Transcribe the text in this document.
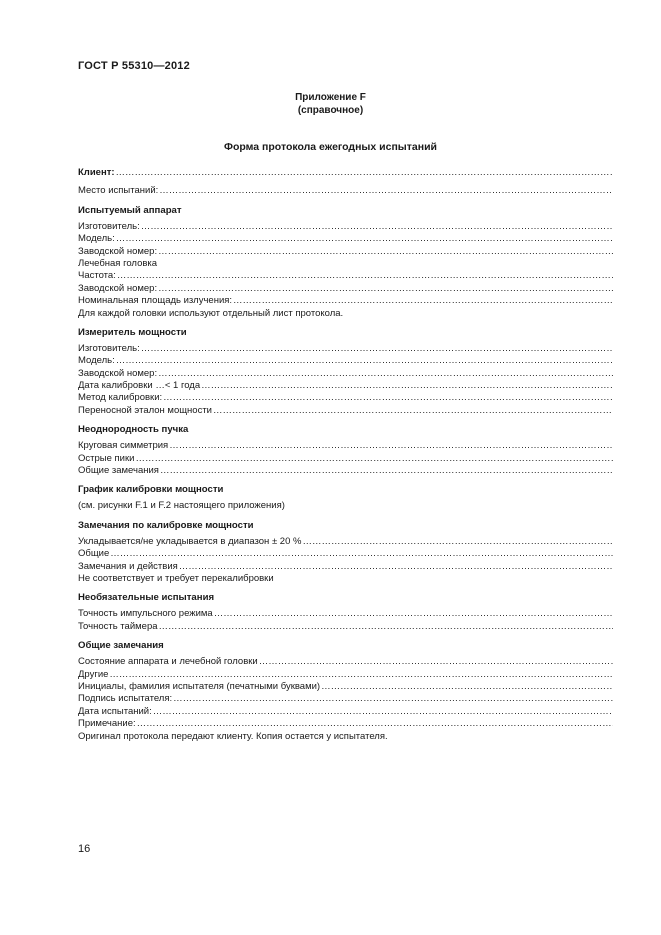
ГОСТ Р 55310—2012
Приложение F
(справочное)
Форма протокола ежегодных испытаний
Клиент:
……………………………………………………………………………………………………………………………………………………………………………………
Место испытаний:
……………………………………………………………………………………………………………………………………………………………………………………
Испытуемый аппарат
Изготовитель:
……………………………………………………………………………………………………………………………………………………………………………………
Модель:
……………………………………………………………………………………………………………………………………………………………………………………
Заводской номер:
……………………………………………………………………………………………………………………………………………………………………………………
Лечебная головка
Частота:
……………………………………………………………………………………………………………………………………………………………………………………
Заводской номер:
……………………………………………………………………………………………………………………………………………………………………………………
Номинальная площадь излучения:
……………………………………………………………………………………………………………………………………………………………………………………
Для каждой головки используют отдельный лист протокола.
Измеритель мощности
Изготовитель:
……………………………………………………………………………………………………………………………………………………………………………………
Модель:
……………………………………………………………………………………………………………………………………………………………………………………
Заводской номер:
……………………………………………………………………………………………………………………………………………………………………………………
Дата калибровки …< 1 года
……………………………………………………………………………………………………………………………………………………………………………………
Метод калибровки:
……………………………………………………………………………………………………………………………………………………………………………………
Переносной эталон мощности
……………………………………………………………………………………………………………………………………………………………………………………
Неоднородность пучка
Круговая симметрия
……………………………………………………………………………………………………………………………………………………………………………………
Острые пики
……………………………………………………………………………………………………………………………………………………………………………………
Общие замечания
……………………………………………………………………………………………………………………………………………………………………………………
График калибровки мощности
(см. рисунки F.1 и F.2 настоящего приложения)
Замечания по калибровке мощности
Укладывается/не укладывается в диапазон ± 20 %
……………………………………………………………………………………………………………………………………………………………………………………
Общие
……………………………………………………………………………………………………………………………………………………………………………………
Замечания и действия
……………………………………………………………………………………………………………………………………………………………………………………
Не соответствует и требует перекалибровки
Необязательные испытания
Точность импульсного режима
……………………………………………………………………………………………………………………………………………………………………………………
Точность таймера
……………………………………………………………………………………………………………………………………………………………………………………
Общие замечания
Состояние аппарата и лечебной головки
……………………………………………………………………………………………………………………………………………………………………………………
Другие
……………………………………………………………………………………………………………………………………………………………………………………
Инициалы, фамилия испытателя (печатными буквами)
……………………………………………………………………………………………………………………………………………………………………………………
Подпись испытателя:
……………………………………………………………………………………………………………………………………………………………………………………
Дата испытаний:
……………………………………………………………………………………………………………………………………………………………………………………
Примечание:
……………………………………………………………………………………………………………………………………………………………………………………
Оригинал протокола передают клиенту. Копия остается у испытателя.
16
